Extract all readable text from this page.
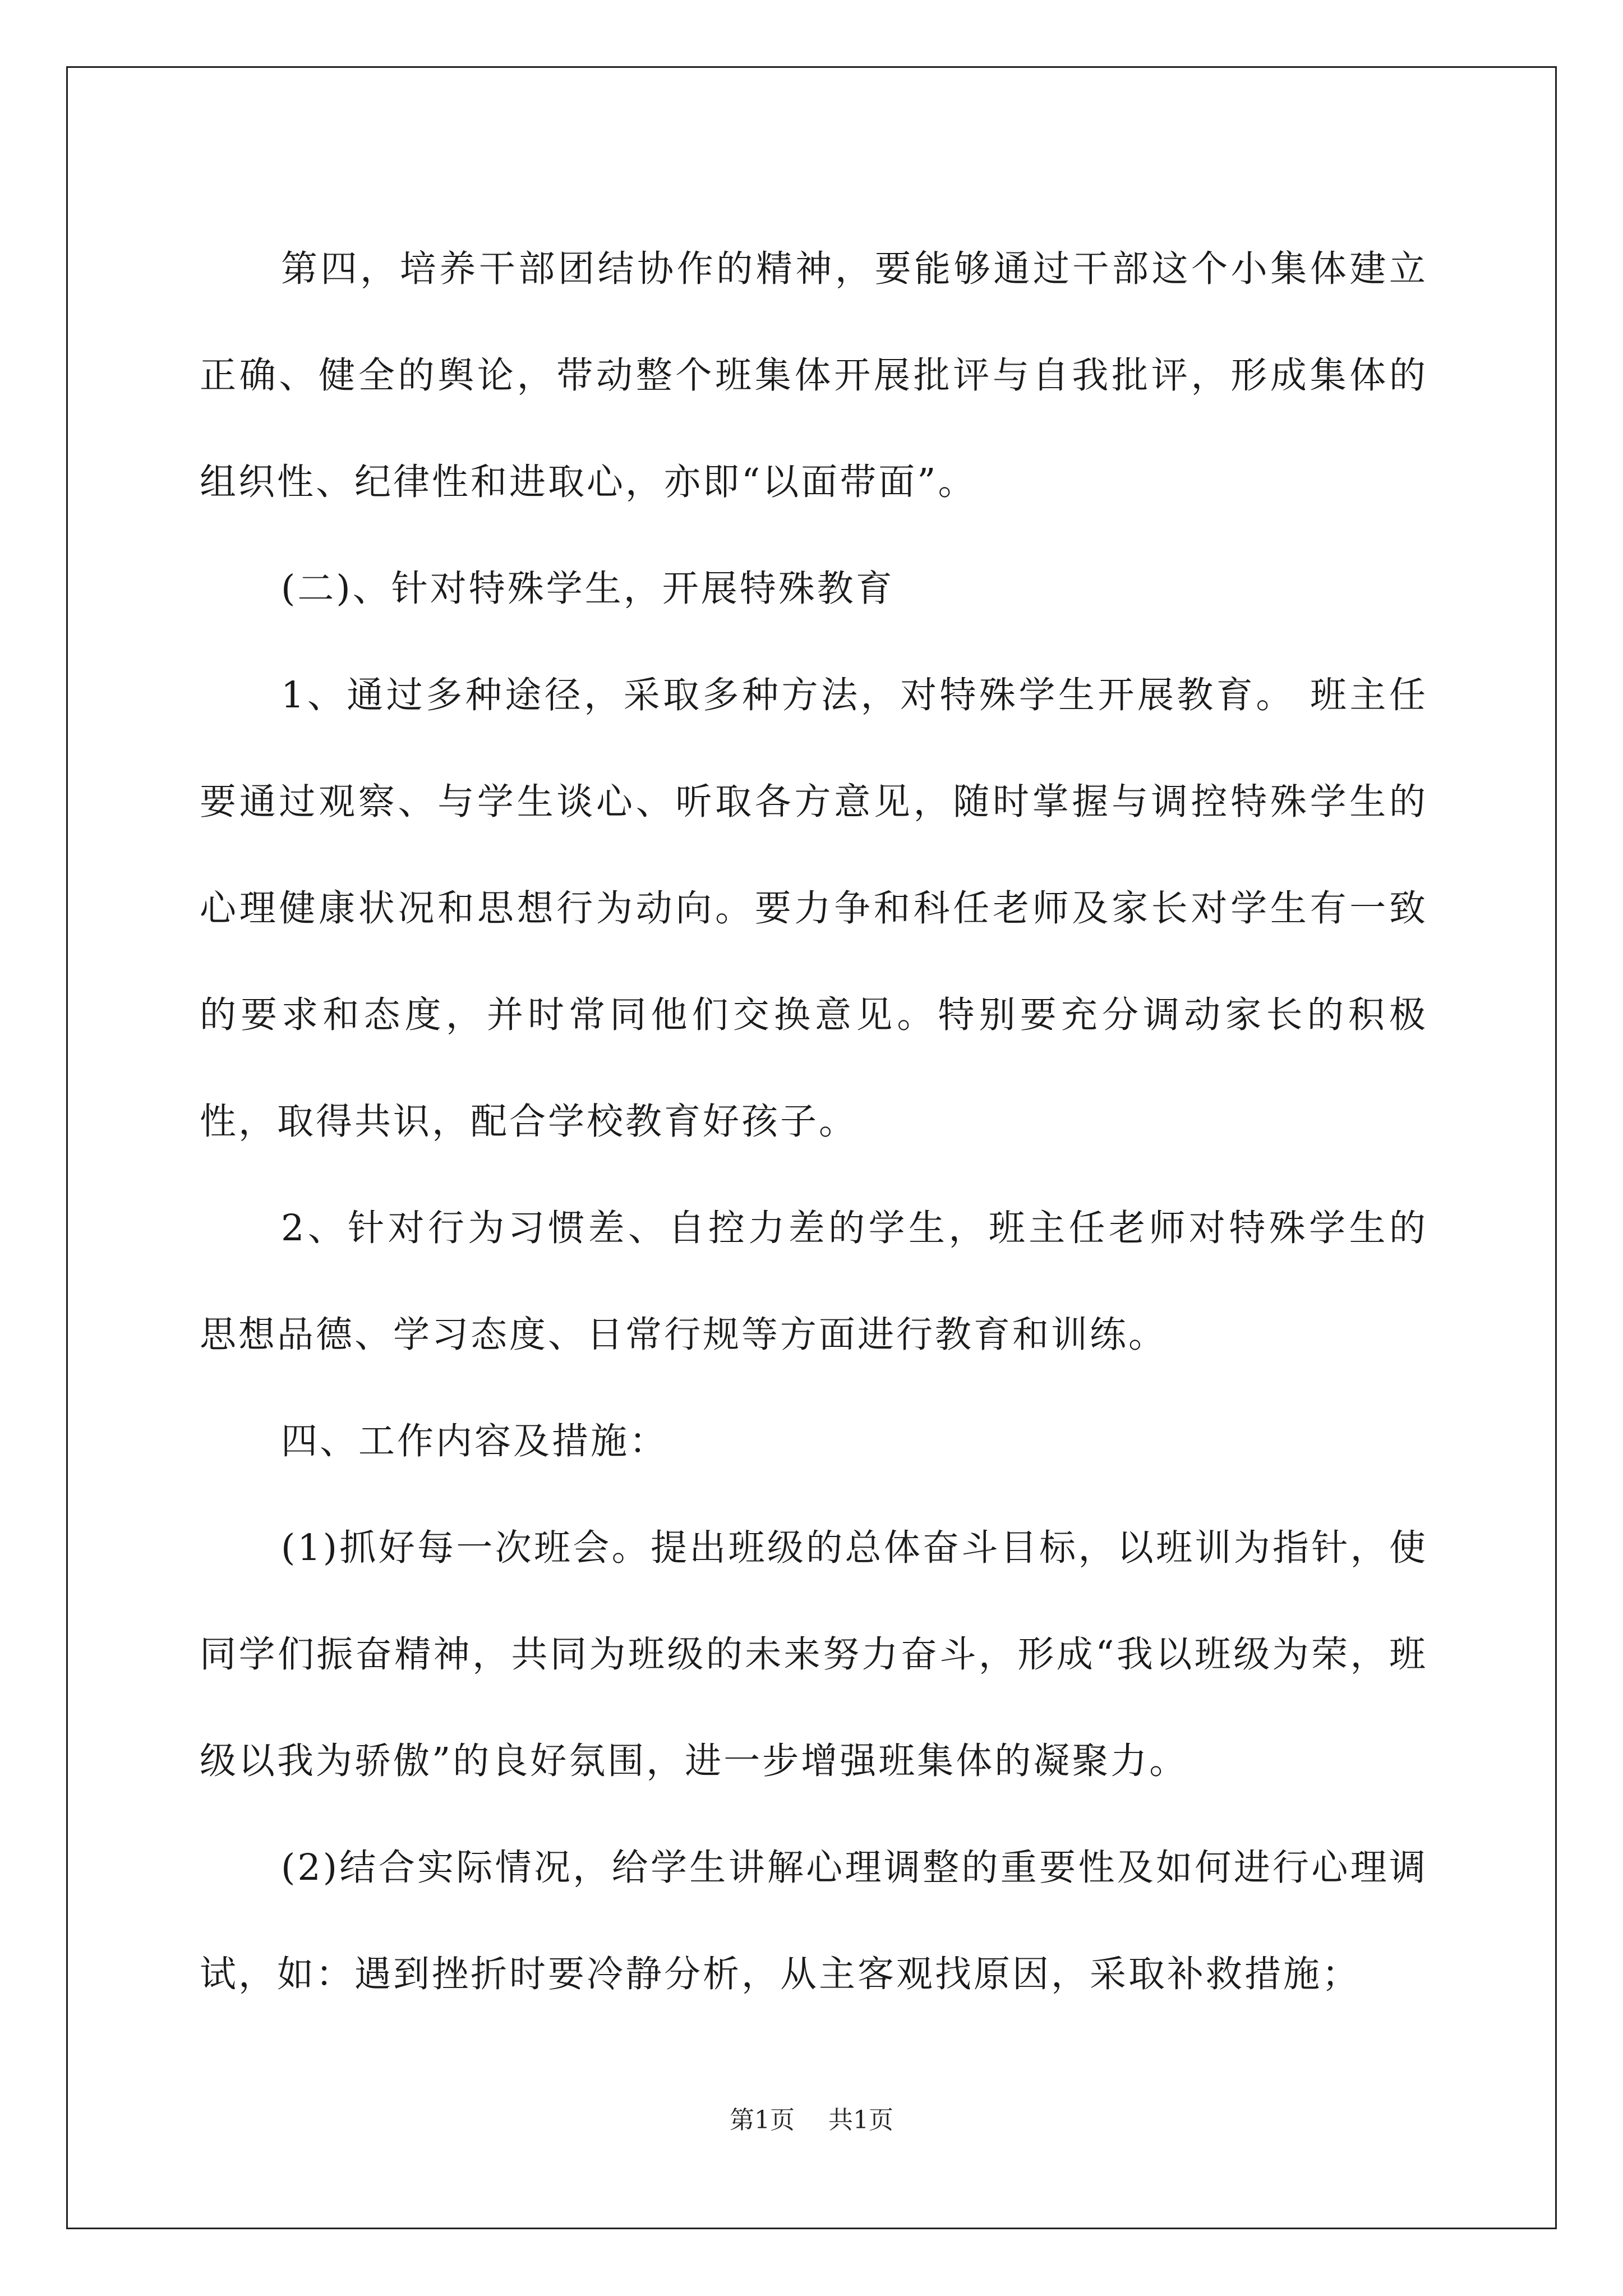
第四，培养干部团结协作的精神，要能够通过干部这个小集体建立正确、健全的舆论，带动整个班集体开展批评与自我批评，形成集体的组织性、纪律性和进取心，亦即“以面带面”。

(二)、针对特殊学生，开展特殊教育

1、通过多种途径，采取多种方法，对特殊学生开展教育。 班主任要通过观察、与学生谈心、听取各方意见，随时掌握与调控特殊学生的心理健康状况和思想行为动向。要力争和科任老师及家长对学生有一致的要求和态度，并时常同他们交换意见。特别要充分调动家长的积极性，取得共识，配合学校教育好孩子。

2、针对行为习惯差、自控力差的学生，班主任老师对特殊学生的思想品德、学习态度、日常行规等方面进行教育和训练。

四、工作内容及措施：

(1)抓好每一次班会。提出班级的总体奋斗目标，以班训为指针，使同学们振奋精神，共同为班级的未来努力奋斗，形成“我以班级为荣，班级以我为骄傲”的良好氛围，进一步增强班集体的凝聚力。

(2)结合实际情况，给学生讲解心理调整的重要性及如何进行心理调试，如：遇到挫折时要冷静分析，从主客观找原因，采取补救措施；

第1页 共1页
